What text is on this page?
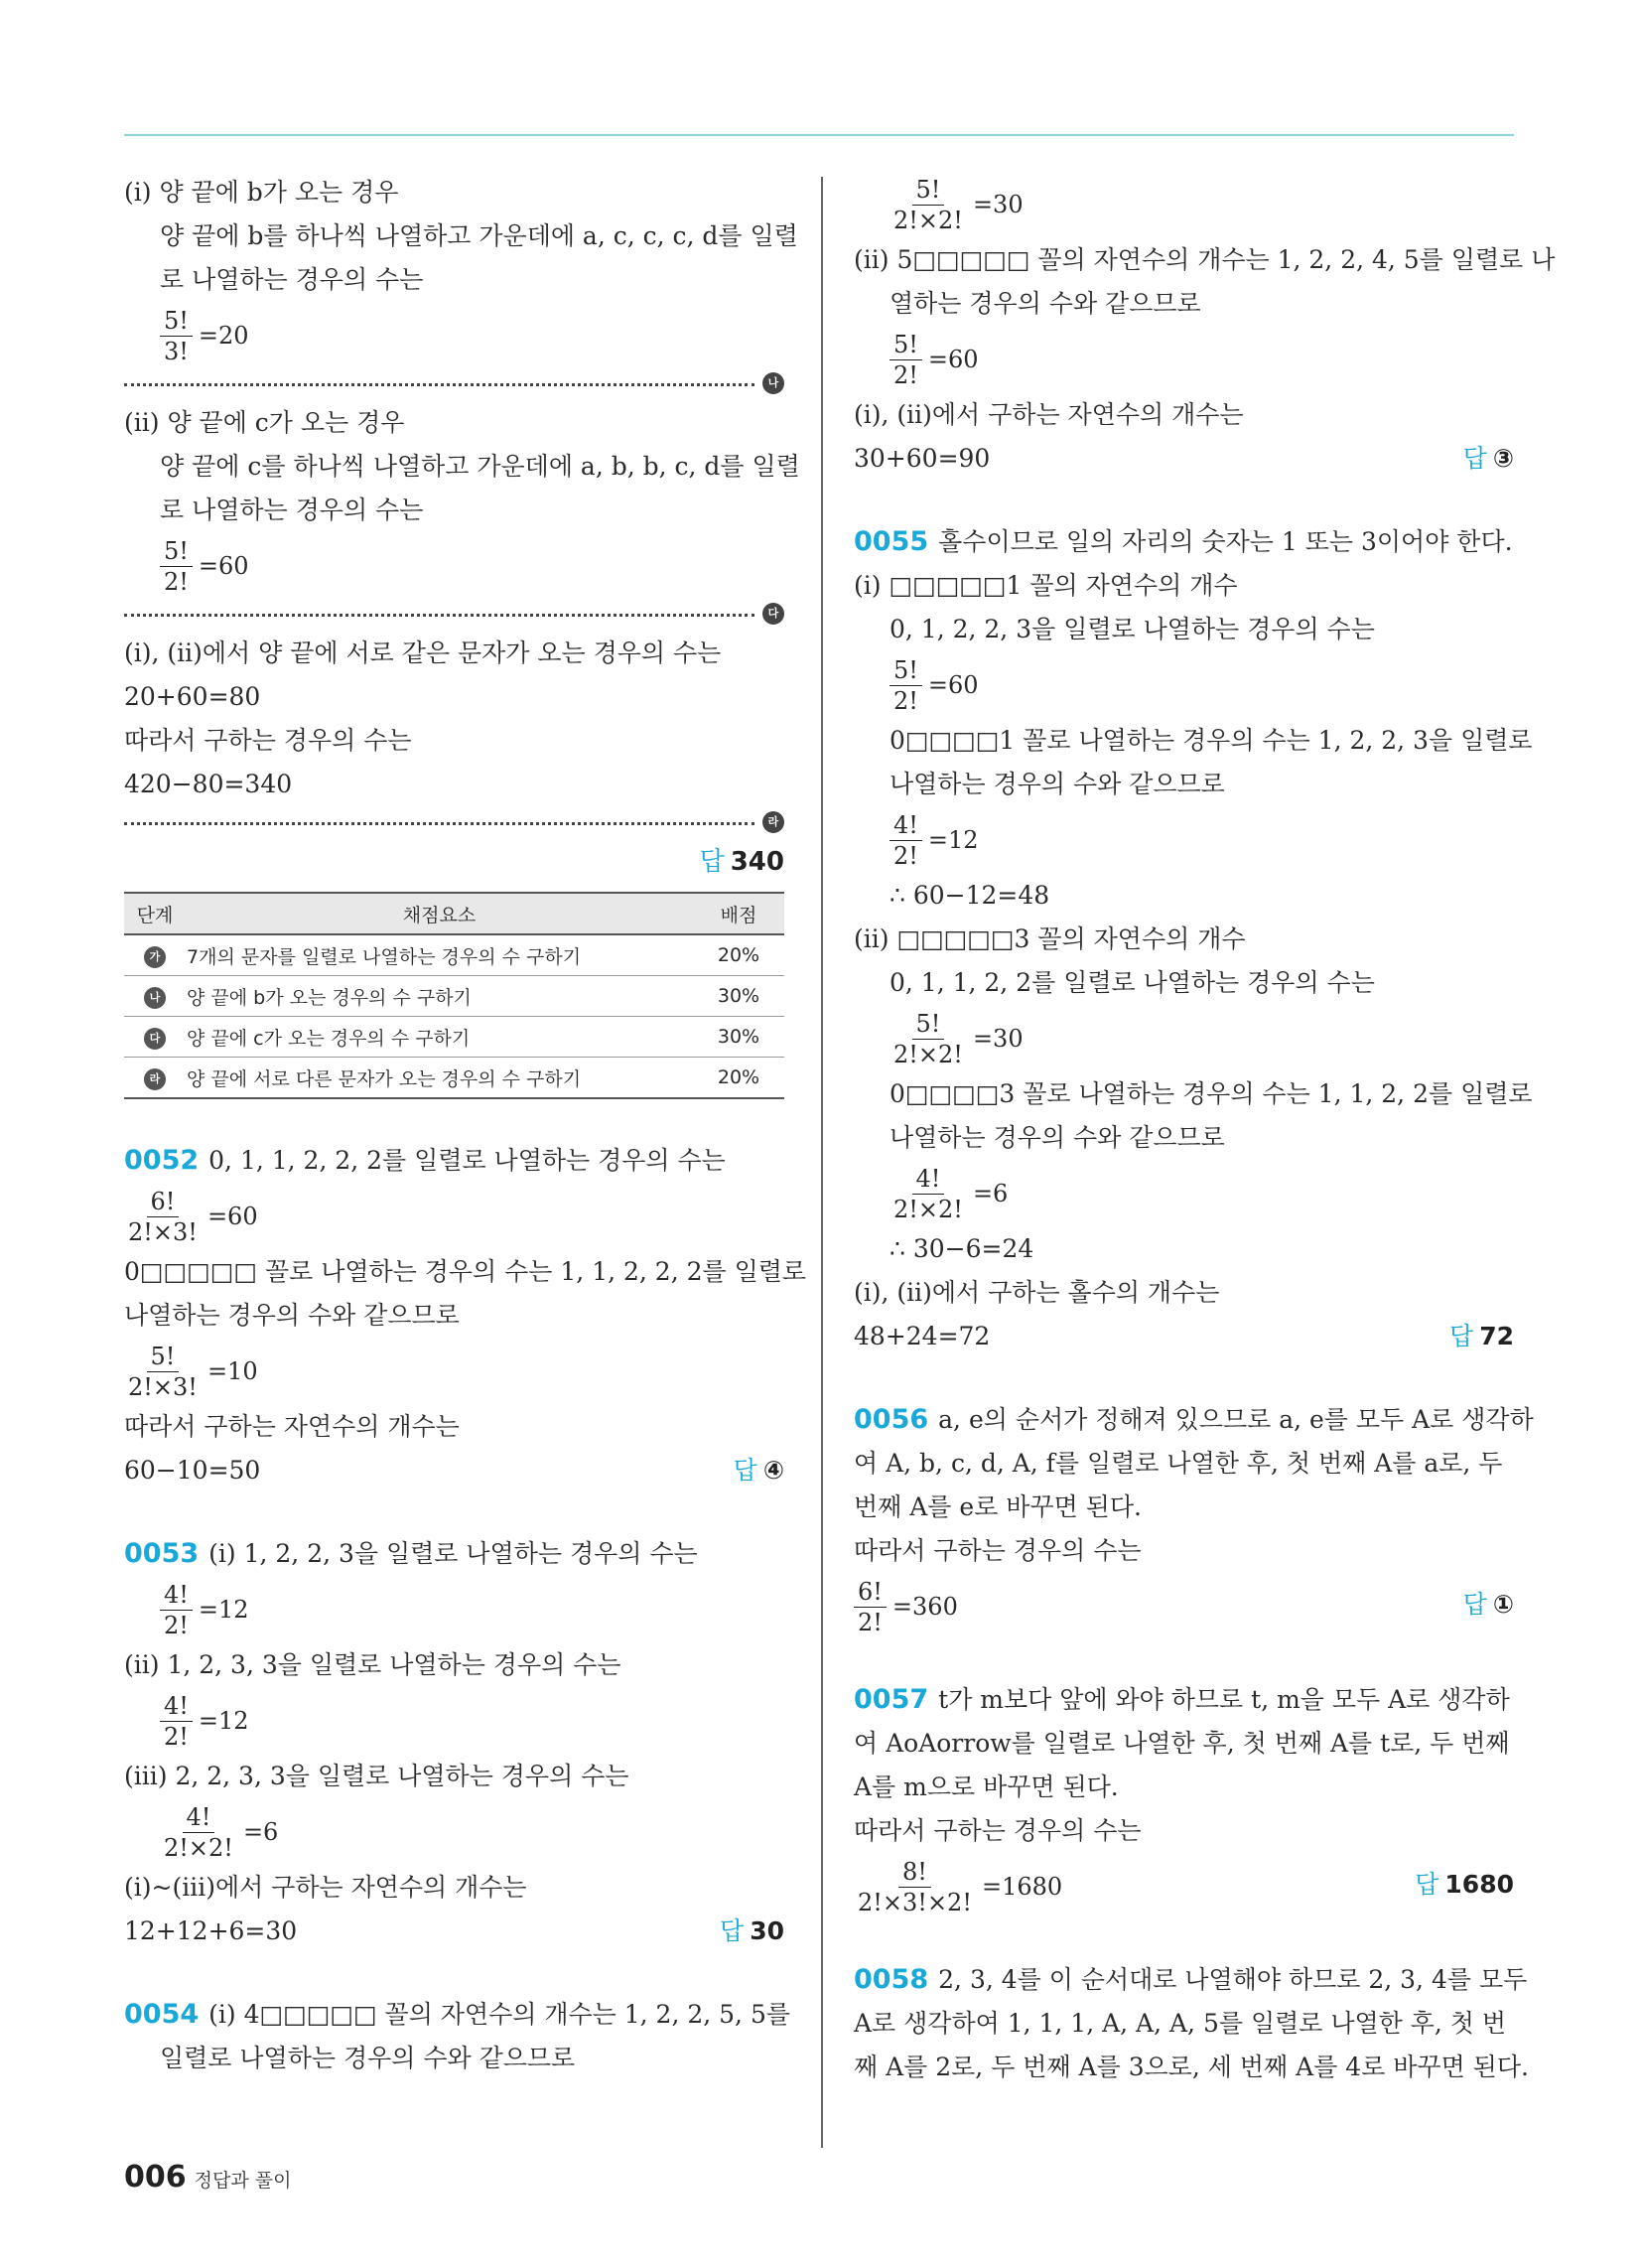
(ⅰ) 양 끝에 b가 오는 경우
양 끝에 b를 하나씩 나열하고 가운데에 a, c, c, c, d를 일렬
로 나열하는 경우의 수는
$\frac{5!}{3!} =20$
나
(ⅱ) 양 끝에 c가 오는 경우
양 끝에 c를 하나씩 나열하고 가운데에 a, b, b, c, d를 일렬
로 나열하는 경우의 수는
$\frac{5!}{2!} =60$
다
(ⅰ), (ⅱ)에서 양 끝에 서로 같은 문자가 오는 경우의 수는
20+60=80
따라서 구하는 경우의 수는
420−80=340
라
답 340
단계	채점요소	배점
가	7개의 문자를 일렬로 나열하는 경우의 수 구하기	20%
나	양 끝에 b가 오는 경우의 수 구하기	30%
다	양 끝에 c가 오는 경우의 수 구하기	30%
라	양 끝에 서로 다른 문자가 오는 경우의 수 구하기	20%
0052 0, 1, 1, 2, 2, 2를 일렬로 나열하는 경우의 수는
$\frac{6!}{2!\times 3!} =60$
0□□□□□ 꼴로 나열하는 경우의 수는 1, 1, 2, 2, 2를 일렬로
나열하는 경우의 수와 같으므로
$\frac{5!}{2!\times 3!} =10$
따라서 구하는 자연수의 개수는
60−10=50	답 ④
0053 (ⅰ) 1, 2, 2, 3을 일렬로 나열하는 경우의 수는
$\frac{4!}{2!} =12$
(ⅱ) 1, 2, 3, 3을 일렬로 나열하는 경우의 수는
$\frac{4!}{2!} =12$
(ⅲ) 2, 2, 3, 3을 일렬로 나열하는 경우의 수는
$\frac{4!}{2!\times 2!} =6$
(ⅰ)~(ⅲ)에서 구하는 자연수의 개수는
12+12+6=30	답 30
0054 (ⅰ) 4□□□□□ 꼴의 자연수의 개수는 1, 2, 2, 5, 5를
일렬로 나열하는 경우의 수와 같으므로
$\frac{5!}{2!\times 2!} =30$
(ⅱ) 5□□□□□ 꼴의 자연수의 개수는 1, 2, 2, 4, 5를 일렬로 나
열하는 경우의 수와 같으므로
$\frac{5!}{2!} =60$
(ⅰ), (ⅱ)에서 구하는 자연수의 개수는
30+60=90	답 ③
0055 홀수이므로 일의 자리의 숫자는 1 또는 3이어야 한다.
(ⅰ) □□□□□1 꼴의 자연수의 개수
0, 1, 2, 2, 3을 일렬로 나열하는 경우의 수는
$\frac{5!}{2!} =60$
0□□□□1 꼴로 나열하는 경우의 수는 1, 2, 2, 3을 일렬로
나열하는 경우의 수와 같으므로
$\frac{4!}{2!} =12$
∴ 60−12=48
(ⅱ) □□□□□3 꼴의 자연수의 개수
0, 1, 1, 2, 2를 일렬로 나열하는 경우의 수는
$\frac{5!}{2!\times 2!} =30$
0□□□□3 꼴로 나열하는 경우의 수는 1, 1, 2, 2를 일렬로
나열하는 경우의 수와 같으므로
$\frac{4!}{2!\times 2!} =6$
∴ 30−6=24
(ⅰ), (ⅱ)에서 구하는 홀수의 개수는
48+24=72	답 72
0056 a, e의 순서가 정해져 있으므로 a, e를 모두 A로 생각하
여 A, b, c, d, A, f를 일렬로 나열한 후, 첫 번째 A를 a로, 두
번째 A를 e로 바꾸면 된다.
따라서 구하는 경우의 수는
$\frac{6!}{2!} =360$	답 ①
0057 t가 m보다 앞에 와야 하므로 t, m을 모두 A로 생각하
여 AoAorrow를 일렬로 나열한 후, 첫 번째 A를 t로, 두 번째
A를 m으로 바꾸면 된다.
따라서 구하는 경우의 수는
$\frac{8!}{2!\times 3!\times 2!} =1680$	답 1680
0058 2, 3, 4를 이 순서대로 나열해야 하므로 2, 3, 4를 모두
A로 생각하여 1, 1, 1, A, A, A, 5를 일렬로 나열한 후, 첫 번
째 A를 2로, 두 번째 A를 3으로, 세 번째 A를 4로 바꾸면 된다.
006 정답과 풀이
